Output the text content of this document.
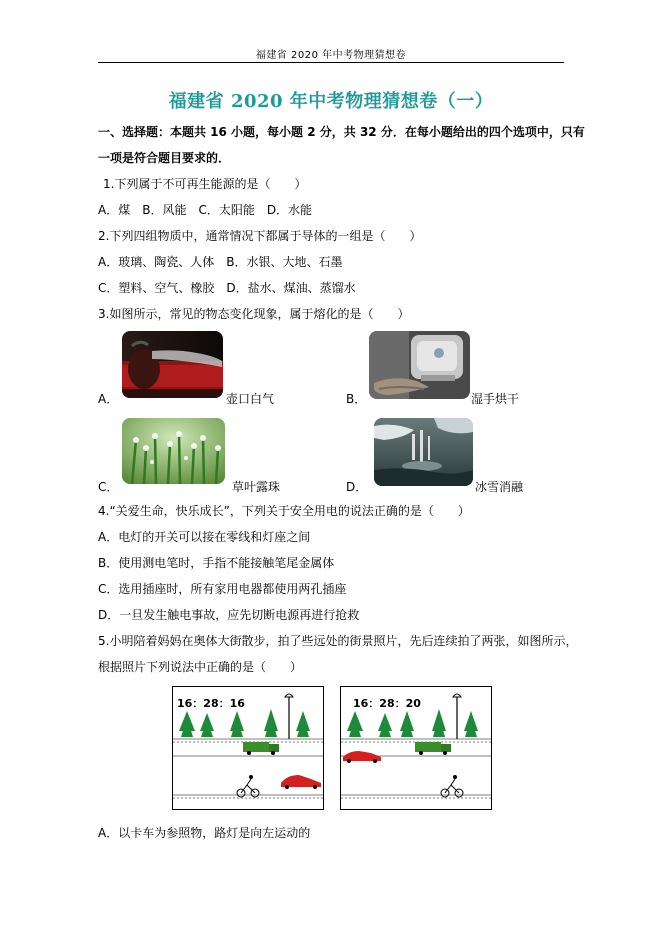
福建省 2020 年中考物理猜想卷
福建省 2020 年中考物理猜想卷（一）
一、选择题：本题共 16 小题，每小题 2 分，共 32 分．在每小题给出的四个选项中，只有
一项是符合题目要求的．
1.下列属于不可再生能源的是（　　）
A．煤　B．风能　C．太阳能　D．水能
2.下列四组物质中，通常情况下都属于导体的一组是（　　）
A．玻璃、陶瓷、人体　B．水银、大地、石墨
C．塑料、空气、橡胶　D．盐水、煤油、蒸馏水
3.如图所示，常见的物态变化现象，属于熔化的是（　　）
A．	壶口白气	B．	湿手烘干
C．	草叶露珠	D．	冰雪消融
4.“关爱生命，快乐成长”，下列关于安全用电的说法正确的是（　　）
A．电灯的开关可以接在零线和灯座之间
B．使用测电笔时，手指不能接触笔尾金属体
C．选用插座时，所有家用电器都使用两孔插座
D．一旦发生触电事故，应先切断电源再进行抢救
5.小明陪着妈妈在奥体大街散步，拍了些远处的街景照片，先后连续拍了两张，如图所示，
根据照片下列说法中正确的是（　　）
16：28：16	16：28：20
A．以卡车为参照物，路灯是向左运动的
